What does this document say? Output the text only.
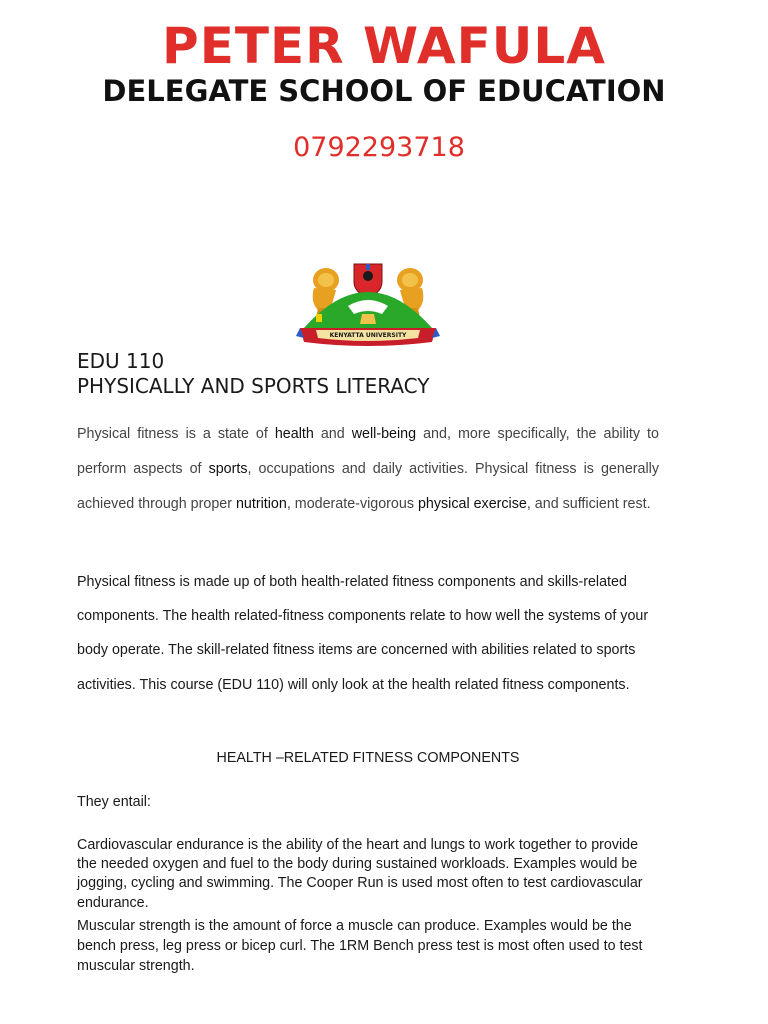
PETER WAFULA
DELEGATE SCHOOL OF EDUCATION
0792293718
KENYATTA UNIVERSITY
EDU 110
PHYSICALLY AND SPORTS LITERACY
Physical fitness is a state of health and well-being and, more specifically, the ability to perform aspects of sports, occupations and daily activities. Physical fitness is generally achieved through proper nutrition, moderate-vigorous physical exercise, and sufficient rest.
Physical fitness is made up of both health-related fitness components and skills-related components. The health related-fitness components relate to how well the systems of your body operate. The skill-related fitness items are concerned with abilities related to sports activities. This course (EDU 110) will only look at the health related fitness components.
HEALTH –RELATED FITNESS COMPONENTS
They entail:
Cardiovascular endurance is the ability of the heart and lungs to work together to provide the needed oxygen and fuel to the body during sustained workloads. Examples would be jogging, cycling and swimming. The Cooper Run is used most often to test cardiovascular endurance.
Muscular strength is the amount of force a muscle can produce. Examples would be the bench press, leg press or bicep curl. The 1RM Bench press test is most often used to test muscular strength.
